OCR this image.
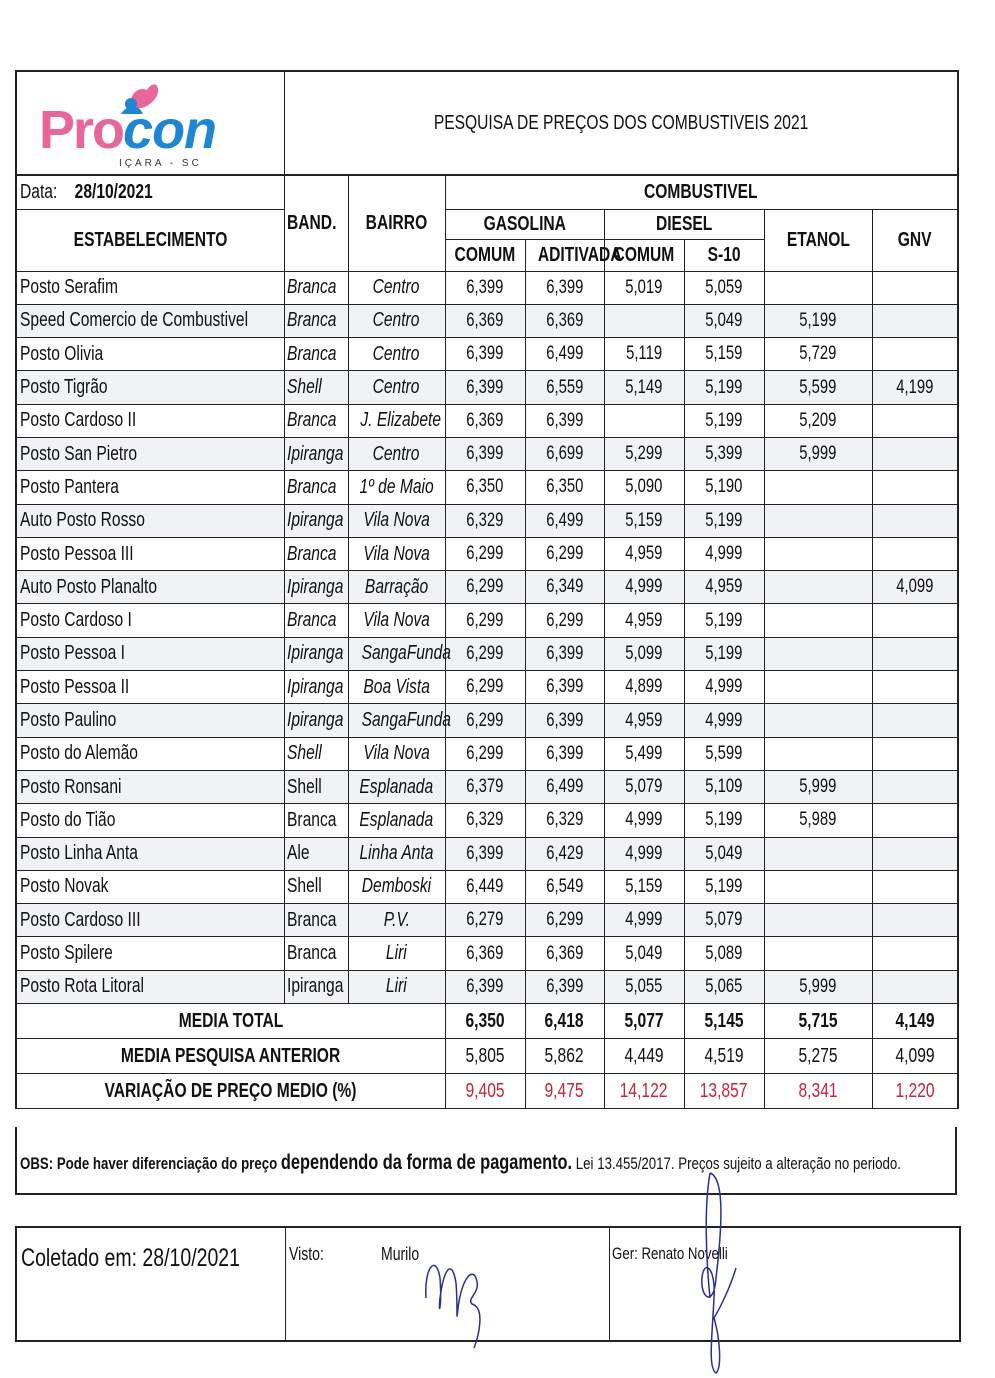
Procon
IÇARA - SC	PESQUISA DE PREÇOS DOS COMBUSTIVEIS 2021							
Data: 28/10/2021	BAND.	BAIRRO	COMBUSTIVEL					
ESTABELECIMENTO			GASOLINA		DIESEL		ETANOL	GNV
			COMUM	ADITIVADA	COMUM	S-10		
Posto Serafim	Branca	Centro	6,399	6,399	5,019	5,059		
Speed Comercio de Combustivel	Branca	Centro	6,369	6,369		5,049	5,199	
Posto Olivia	Branca	Centro	6,399	6,499	5,119	5,159	5,729	
Posto Tigrão	Shell	Centro	6,399	6,559	5,149	5,199	5,599	4,199
Posto Cardoso II	Branca	J. Elizabete	6,369	6,399		5,199	5,209	
Posto San Pietro	Ipiranga	Centro	6,399	6,699	5,299	5,399	5,999	
Posto Pantera	Branca	1º de Maio	6,350	6,350	5,090	5,190		
Auto Posto Rosso	Ipiranga	Vila Nova	6,329	6,499	5,159	5,199		
Posto Pessoa III	Branca	Vila Nova	6,299	6,299	4,959	4,999		
Auto Posto Planalto	Ipiranga	Barração	6,299	6,349	4,999	4,959		4,099
Posto Cardoso I	Branca	Vila Nova	6,299	6,299	4,959	5,199		
Posto Pessoa I	Ipiranga	SangaFunda	6,299	6,399	5,099	5,199		
Posto Pessoa II	Ipiranga	Boa Vista	6,299	6,399	4,899	4,999		
Posto Paulino	Ipiranga	SangaFunda	6,299	6,399	4,959	4,999		
Posto do Alemão	Shell	Vila Nova	6,299	6,399	5,499	5,599		
Posto Ronsani	Shell	Esplanada	6,379	6,499	5,079	5,109	5,999	
Posto do Tião	Branca	Esplanada	6,329	6,329	4,999	5,199	5,989	
Posto Linha Anta	Ale	Linha Anta	6,399	6,429	4,999	5,049		
Posto Novak	Shell	Demboski	6,449	6,549	5,159	5,199		
Posto Cardoso III	Branca	P.V.	6,279	6,299	4,999	5,079		
Posto Spilere	Branca	Liri	6,369	6,369	5,049	5,089		
Posto Rota Litoral	Ipiranga	Liri	6,399	6,399	5,055	5,065	5,999	
MEDIA TOTAL			6,350	6,418	5,077	5,145	5,715	4,149
MEDIA PESQUISA ANTERIOR			5,805	5,862	4,449	4,519	5,275	4,099
VARIAÇÃO DE PREÇO MEDIO (%)			9,405	9,475	14,122	13,857	8,341	1,220
OBS: Pode haver diferenciação do preço dependendo da forma de pagamento. Lei 13.455/2017. Preços sujeito a alteração no periodo.
Coletado em: 28/10/2021	Visto:	Murilo	Ger: Renato Novelli
